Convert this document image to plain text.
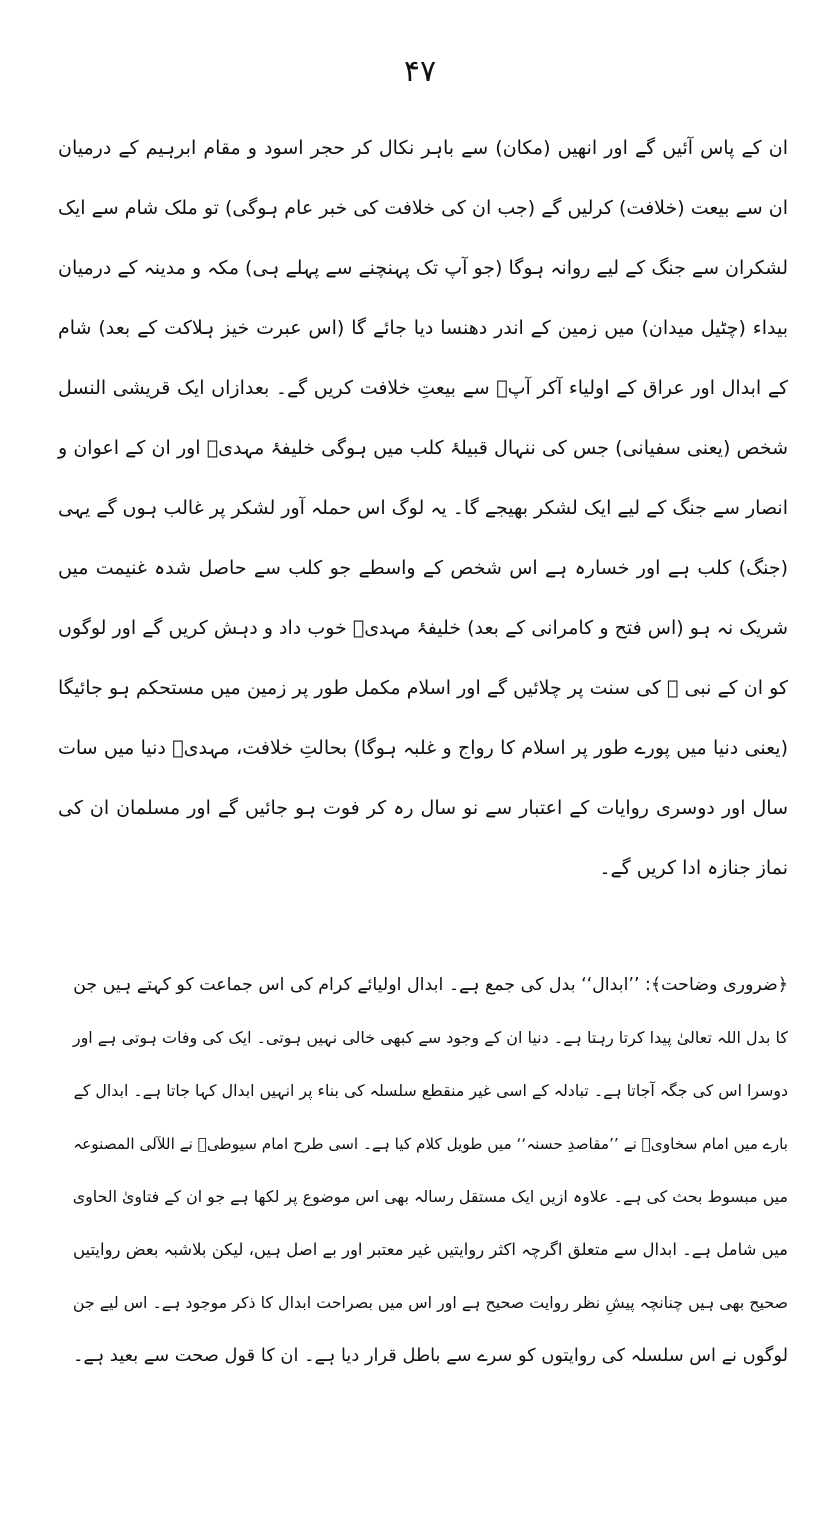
۴۷

ان کے پاس آئیں گے اور انھیں (مکان) سے باہر نکال کر حجر اسود و مقام ابرہیم کے درمیان ان سے بیعت (خلافت) کرلیں گے (جب ان کی خلافت کی خبر عام ہوگی) تو ملک شام سے ایک لشکران سے جنگ کے لیے روانہ ہوگا (جو آپ تک پہنچنے سے پہلے ہی) مکہ و مدینہ کے درمیان بیداء (چٹیل میدان) میں زمین کے اندر دھنسا دیا جائے گا (اس عبرت خیز ہلاکت کے بعد) شام کے ابدال اور عراق کے اولیاء آکر آپؓ سے بیعتِ خلافت کریں گے۔ بعدازاں ایک قریشی النسل شخص (یعنی سفیانی) جس کی ننہال قبیلۂ کلب میں ہوگی خلیفۂ مہدیؓ اور ان کے اعوان و انصار سے جنگ کے لیے ایک لشکر بھیجے گا۔ یہ لوگ اس حملہ آور لشکر پر غالب ہوں گے یہی (جنگ) کلب ہے اور خسارہ ہے اس شخص کے واسطے جو کلب سے حاصل شدہ غنیمت میں شریک نہ ہو (اس فتح و کامرانی کے بعد) خلیفۂ مہدیؓ خوب داد و دہش کریں گے اور لوگوں کو ان کے نبی ﷺ کی سنت پر چلائیں گے اور اسلام مکمل طور پر زمین میں مستحکم ہو جائیگا (یعنی دنیا میں پورے طور پر اسلام کا رواج و غلبہ ہوگا) بحالتِ خلافت، مہدیؓ دنیا میں سات سال اور دوسری روایات کے اعتبار سے نو سال رہ کر فوت ہو جائیں گے اور مسلمان ان کی نماز جنازہ ادا کریں گے۔

﴿ضروری وضاحت﴾: ’’ابدال‘‘ بدل کی جمع ہے۔ ابدال اولیائے کرام کی اس جماعت کو کہتے ہیں جن
کا بدل اللہ تعالیٰ پیدا کرتا رہتا ہے۔ دنیا ان کے وجود سے کبھی خالی نہیں ہوتی۔ ایک کی وفات ہوتی ہے اور
دوسرا اس کی جگہ آجاتا ہے۔ تبادلہ کے اسی غیر منقطع سلسلہ کی بناء پر انہیں ابدال کہا جاتا ہے۔ ابدال کے
بارے میں امام سخاویؒ نے ’’مقاصدِ حسنہ‘‘ میں طویل کلام کیا ہے۔ اسی طرح امام سیوطیؒ نے اللآلی المصنوعہ
میں مبسوط بحث کی ہے۔ علاوہ ازیں ایک مستقل رسالہ بھی اس موضوع پر لکھا ہے جو ان کے فتاویٰ الحاوی
میں شامل ہے۔ ابدال سے متعلق اگرچہ اکثر روایتیں غیر معتبر اور بے اصل ہیں، لیکن بلاشبہ بعض روایتیں
صحیح بھی ہیں چنانچہ پیشِ نظر روایت صحیح ہے اور اس میں بصراحت ابدال کا ذکر موجود ہے۔ اس لیے جن
لوگوں نے اس سلسلہ کی روایتوں کو سرے سے باطل قرار دیا ہے۔ ان کا قول صحت سے بعید ہے۔
